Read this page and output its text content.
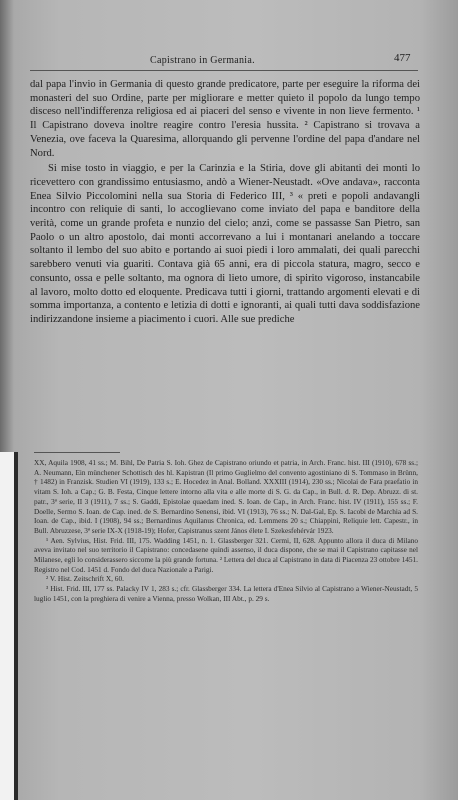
Capistrano in Germania.	477

dal papa l'invio in Germania di questo grande predicatore, parte per eseguire la riforma dei monasteri del suo Ordine, parte per migliorare e metter quieto il popolo da lungo tempo disceso nell'indifferenza religiosa ed ai piaceri del senso e vivente in non lieve fermento. ¹ Il Capistrano doveva inoltre reagire contro l'eresia hussita. ² Capistrano si trovava a Venezia, ove faceva la Quaresima, allorquando gli pervenne l'ordine del papa d'andare nel Nord.

Si mise tosto in viaggio, e per la Carinzia e la Stiria, dove gli abitanti dei monti lo ricevettero con grandissimo entusiasmo, andò a Wiener-Neustadt. «Ove andava», racconta Enea Silvio Piccolomini nella sua Storia di Federico III, ³ « preti e popoli andavangli incontro con reliquie di santi, lo accoglievano come inviato del papa e banditore della verità, come un grande profeta e nunzio del cielo; anzi, come se passasse San Pietro, san Paolo o un altro apostolo, dai monti accorrevano a lui i montanari anelando a toccare soltanto il lembo del suo abito e portando ai suoi piedi i loro ammalati, dei quali parecchi sarebbero venuti via guariti. Contava già 65 anni, era di piccola statura, magro, secco e consunto, ossa e pelle soltanto, ma ognora di lieto umore, di spirito vigoroso, instancabile al lavoro, molto dotto ed eloquente. Predicava tutti i giorni, trattando argomenti elevati e di somma importanza, a contento e letizia di dotti e ignoranti, ai quali tutti dava soddisfazione indirizzandone insieme a piacimento i cuori. Alle sue prediche

XX, Aquila 1908, 41 ss.; M. Bihl, De Patria S. Ioh. Ghez de Capistrano oriundo et patria, in Arch. Franc. hist. III (1910), 678 ss.; A. Neumann, Ein münchener Schottisch des hl. Kapistran (Il primo Guglielmo del convento agostiniano di S. Tommaso in Brünn, † 1482) in Franzisk. Studien VI (1919), 133 s.; E. Hocedez in Anal. Bolland. XXXIII (1914), 230 ss.; Nicolai de Fara praefatio in vitam S. Ioh. a Cap.; G. B. Festa, Cinque lettere intorno alla vita e alle morte di S. G. da Cap., in Bull. d. R. Dep. Abruzz. di st. patr., 3ª serie, II 3 (1911), 7 ss.; S. Gaddi, Epistolae quaedam ined. S. Ioan. de Cap., in Arch. Franc. hist. IV (1911), 155 ss.; F. Doelle, Sermo S. Ioan. de Cap. ined. de S. Bernardino Senensi, ibid. VI (1913), 76 ss.; N. Dal-Gal, Ep. S. Iacobi de Marchia ad S. Ioan. de Cap., ibid. I (1908), 94 ss.; Bernardinus Aquilanus Chronica, ed. Lemmens 20 s.; Chiappini, Reliquie lett. Capestr., in Bull. Abruzzese, 3ª serie IX-X (1918-19); Hofer, Capistranus szent János élete I. Szekesfehérvár 1923.

¹ Aen. Sylvius, Hist. Frid. III, 175. Wadding 1451, n. 1. Glassberger 321. Cermi, II, 628. Appunto allora il duca di Milano aveva invitato nel suo territorio il Capistrano: concedasene quindi assenso, il duca dispone, che se mai il Capistrano capitasse nel Milanese, egli lo considerassero siccome la più grande fortuna. ² Lettera del duca al Capistrano in data di Piacenza 23 ottobre 1451. Registro nel Cod. 1451 d. Fondo del duca Nazionale a Parigi.

² V. Hist. Zeitschrift X, 60.

³ Hist. Frid. III, 177 ss. Palacky IV 1, 283 s.; cfr. Glassberger 334. La lettera d'Enea Silvio al Capistrano a Wiener-Neustadt, 5 luglio 1451, con la preghiera di venire a Vienna, presso Wolkan, III Abt., p. 29 s.
